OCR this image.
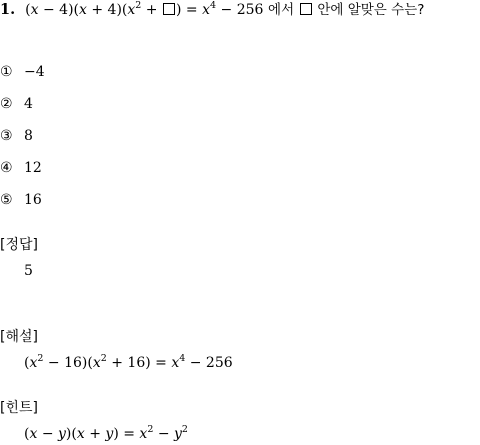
1. $(x - 4)(x + 4)(x^2$ + ) = $x^4 - 256$ 에서 안에 알맞은 수는?
① −4
② 4
③ 8
④ 12
⑤ 16
[정답]
5
[해설]
$(x^2 - 16)(x^2 + 16) = x^4 - 256$
[힌트]
$(x - y)(x + y) = x^2 - y^2$
